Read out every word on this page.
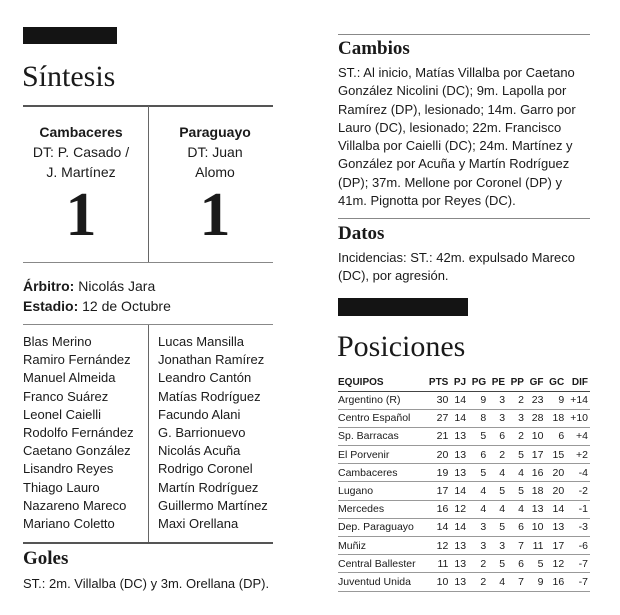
Síntesis
Cambaceres
DT: P. Casado /
J. Martínez
1
Paraguayo
DT: Juan
Alomo
1
Árbitro: Nicolás Jara
Estadio: 12 de Octubre
Blas Merino
Ramiro Fernández
Manuel Almeida
Franco Suárez
Leonel Caielli
Rodolfo Fernández
Caetano González
Lisandro Reyes
Thiago Lauro
Nazareno Mareco
Mariano Coletto
Lucas Mansilla
Jonathan Ramírez
Leandro Cantón
Matías Rodríguez
Facundo Alani
G. Barrionuevo
Nicolás Acuña
Rodrigo Coronel
Martín Rodríguez
Guillermo Martínez
Maxi Orellana
Goles
ST.: 2m. Villalba (DC) y 3m. Orellana (DP).
Cambios
ST.: Al inicio, Matías Villalba por Caetano
González Nicolini (DC); 9m. Lapolla por
Ramírez (DP), lesionado; 14m. Garro por
Lauro (DC), lesionado; 22m. Francisco
Villalba por Caielli (DC); 24m. Martínez y
González por Acuña y Martín Rodríguez
(DP); 37m. Mellone por Coronel (DP) y
41m. Pignotta por Reyes (DC).
Datos
Incidencias: ST.: 42m. expulsado Mareco
(DC), por agresión.
Posiciones
EQUIPOS	PTS	PJ	PG	PE	PP	GF	GC	DIF
Argentino (R)	30	14	9	3	2	23	9	+14
Centro Español	27	14	8	3	3	28	18	+10
Sp. Barracas	21	13	5	6	2	10	6	+4
El Porvenir	20	13	6	2	5	17	15	+2
Cambaceres	19	13	5	4	4	16	20	-4
Lugano	17	14	4	5	5	18	20	-2
Mercedes	16	12	4	4	4	13	14	-1
Dep. Paraguayo	14	14	3	5	6	10	13	-3
Muñiz	12	13	3	3	7	11	17	-6
Central Ballester	11	13	2	5	6	5	12	-7
Juventud Unida	10	13	2	4	7	9	16	-7
